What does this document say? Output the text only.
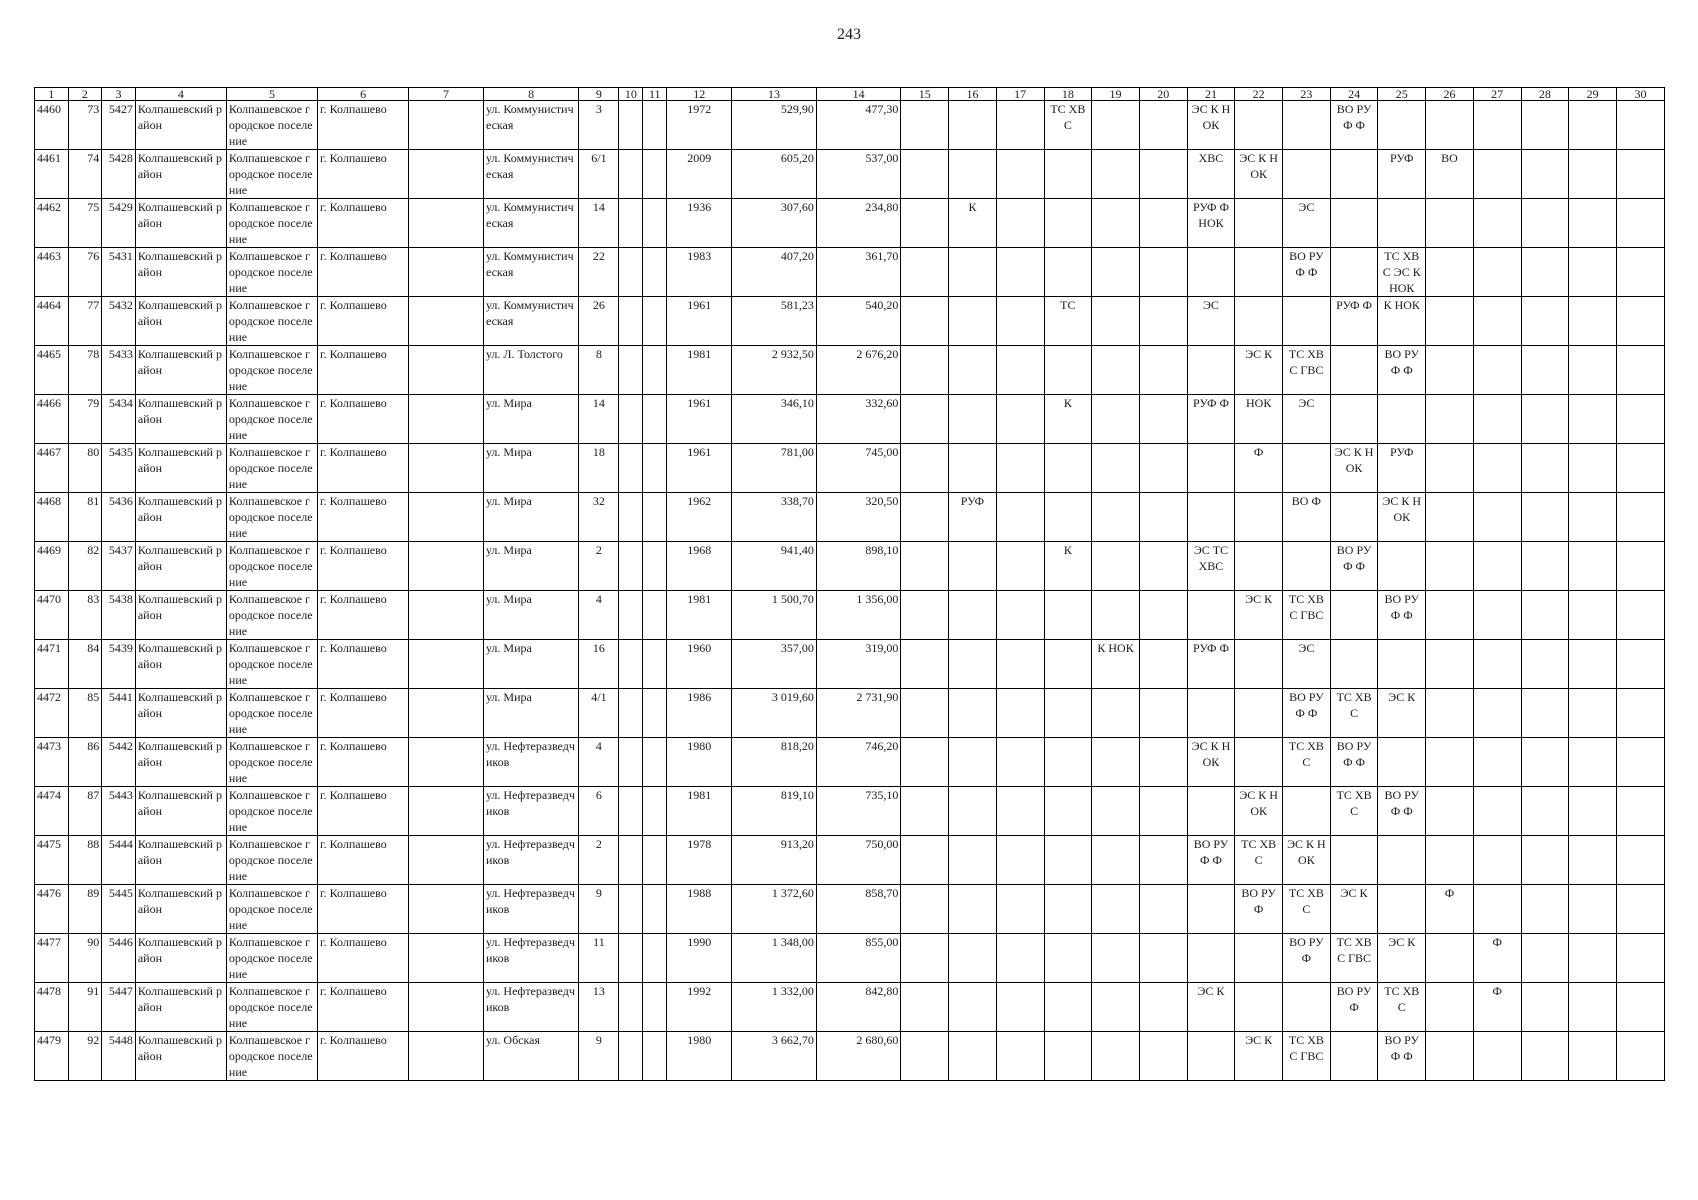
243
1	2	3	4	5	6	7	8	9	10	11	12	13	14	15	16	17	18	19	20	21	22	23	24	25	26	27	28	29	30
4460	73	5427	Колпашевский район	Колпашевское городское поселение	г. Колпашево		ул. Коммунистическая	3			1972	529,90	477,30				ТС ХВС			ЭС К НОК			ВО РУФ Ф						
4461	74	5428	Колпашевский район	Колпашевское городское поселение	г. Колпашево		ул. Коммунистическая	6/1			2009	605,20	537,00							ХВС	ЭС К НОК			РУФ	ВО				
4462	75	5429	Колпашевский район	Колпашевское городское поселение	г. Колпашево		ул. Коммунистическая	14			1936	307,60	234,80		К					РУФ Ф НОК		ЭС							
4463	76	5431	Колпашевский район	Колпашевское городское поселение	г. Колпашево		ул. Коммунистическая	22			1983	407,20	361,70									ВО РУФ Ф		ТС ХВС ЭС К НОК					
4464	77	5432	Колпашевский район	Колпашевское городское поселение	г. Колпашево		ул. Коммунистическая	26			1961	581,23	540,20				ТС			ЭС			РУФ Ф	К НОК					
4465	78	5433	Колпашевский район	Колпашевское городское поселение	г. Колпашево		ул. Л. Толстого	8			1981	2 932,50	2 676,20								ЭС К	ТС ХВС ГВС		ВО РУФ Ф					
4466	79	5434	Колпашевский район	Колпашевское городское поселение	г. Колпашево		ул. Мира	14			1961	346,10	332,60				К			РУФ Ф	НОК	ЭС							
4467	80	5435	Колпашевский район	Колпашевское городское поселение	г. Колпашево		ул. Мира	18			1961	781,00	745,00								Ф		ЭС К НОК	РУФ					
4468	81	5436	Колпашевский район	Колпашевское городское поселение	г. Колпашево		ул. Мира	32			1962	338,70	320,50		РУФ							ВО Ф		ЭС К НОК					
4469	82	5437	Колпашевский район	Колпашевское городское поселение	г. Колпашево		ул. Мира	2			1968	941,40	898,10				К			ЭС ТС ХВС			ВО РУФ Ф						
4470	83	5438	Колпашевский район	Колпашевское городское поселение	г. Колпашево		ул. Мира	4			1981	1 500,70	1 356,00								ЭС К	ТС ХВС ГВС		ВО РУФ Ф					
4471	84	5439	Колпашевский район	Колпашевское городское поселение	г. Колпашево		ул. Мира	16			1960	357,00	319,00					К НОК		РУФ Ф		ЭС							
4472	85	5441	Колпашевский район	Колпашевское городское поселение	г. Колпашево		ул. Мира	4/1			1986	3 019,60	2 731,90									ВО РУФ Ф	ТС ХВС	ЭС К					
4473	86	5442	Колпашевский район	Колпашевское городское поселение	г. Колпашево		ул. Нефтеразведчиков	4			1980	818,20	746,20							ЭС К НОК		ТС ХВС	ВО РУФ Ф						
4474	87	5443	Колпашевский район	Колпашевское городское поселение	г. Колпашево		ул. Нефтеразведчиков	6			1981	819,10	735,10								ЭС К НОК		ТС ХВС	ВО РУФ Ф					
4475	88	5444	Колпашевский район	Колпашевское городское поселение	г. Колпашево		ул. Нефтеразведчиков	2			1978	913,20	750,00							ВО РУФ Ф	ТС ХВС	ЭС К НОК							
4476	89	5445	Колпашевский район	Колпашевское городское поселение	г. Колпашево		ул. Нефтеразведчиков	9			1988	1 372,60	858,70								ВО РУФ	ТС ХВС	ЭС К		Ф				
4477	90	5446	Колпашевский район	Колпашевское городское поселение	г. Колпашево		ул. Нефтеразведчиков	11			1990	1 348,00	855,00									ВО РУФ	ТС ХВС ГВС	ЭС К		Ф			
4478	91	5447	Колпашевский район	Колпашевское городское поселение	г. Колпашево		ул. Нефтеразведчиков	13			1992	1 332,00	842,80							ЭС К			ВО РУФ	ТС ХВС		Ф			
4479	92	5448	Колпашевский район	Колпашевское городское поселение	г. Колпашево		ул. Обская	9			1980	3 662,70	2 680,60								ЭС К	ТС ХВС ГВС		ВО РУФ Ф					
